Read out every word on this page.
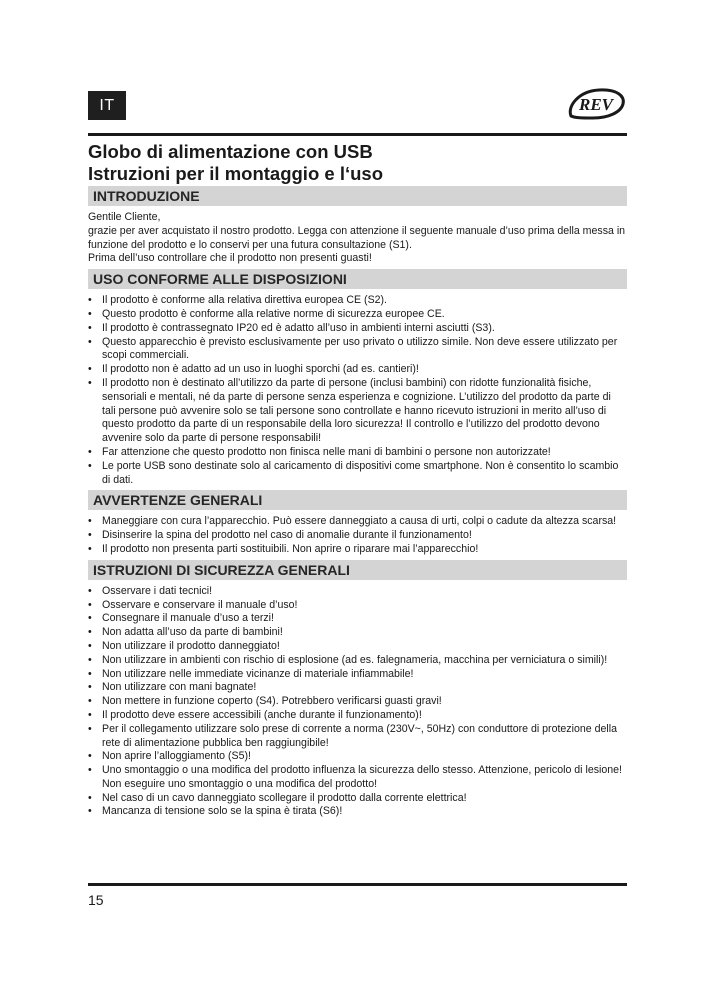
IT	REV
Globo di alimentazione con USB
Istruzioni per il montaggio e l‘uso
INTRODUZIONE

Gentile Cliente,

grazie per aver acquistato il nostro prodotto. Legga con attenzione il seguente manuale d’uso prima della messa in funzione del prodotto e lo conservi per una futura consultazione (S1).

Prima dell’uso controllare che il prodotto non presenti guasti!

USO CONFORME ALLE DISPOSIZIONI
• Il prodotto è conforme alla relativa direttiva europea CE (S2).
• Questo prodotto è conforme alla relative norme di sicurezza europee CE.
• Il prodotto è contrassegnato IP20 ed è adatto all’uso in ambienti interni asciutti (S3).
• Questo apparecchio è previsto esclusivamente per uso privato o utilizzo simile. Non deve essere utilizzato per scopi commerciali.
• Il prodotto non è adatto ad un uso in luoghi sporchi (ad es. cantieri)!
• Il prodotto non è destinato all’utilizzo da parte di persone (inclusi bambini) con ridotte funzionalità fisiche, sensoriali e mentali, né da parte di persone senza esperienza e cognizione. L’utilizzo del prodotto da parte di tali persone può avvenire solo se tali persone sono controllate e hanno ricevuto istruzioni in merito all’uso di questo prodotto da parte di un responsabile della loro sicurezza! Il controllo e l’utilizzo del prodotto devono avvenire solo da parte di persone responsabili!
• Far attenzione che questo prodotto non finisca nelle mani di bambini o persone non autorizzate!
• Le porte USB sono destinate solo al caricamento di dispositivi come smartphone. Non è consentito lo scambio di dati.
AVVERTENZE GENERALI
• Maneggiare con cura l’apparecchio. Può essere danneggiato a causa di urti, colpi o cadute da altezza scarsa!
• Disinserire la spina del prodotto nel caso di anomalie durante il funzionamento!
• Il prodotto non presenta parti sostituibili. Non aprire o riparare mai l’apparecchio!
ISTRUZIONI DI SICUREZZA GENERALI
• Osservare i dati tecnici!
• Osservare e conservare il manuale d’uso!
• Consegnare il manuale d’uso a terzi!
• Non adatta all’uso da parte di bambini!
• Non utilizzare il prodotto danneggiato!
• Non utilizzare in ambienti con rischio di esplosione (ad es. falegnameria, macchina per verniciatura o simili)!
• Non utilizzare nelle immediate vicinanze di materiale infiammabile!
• Non utilizzare con mani bagnate!
• Non mettere in funzione coperto (S4). Potrebbero verificarsi guasti gravi!
• Il prodotto deve essere accessibili (anche durante il funzionamento)!
• Per il collegamento utilizzare solo prese di corrente a norma (230V~, 50Hz) con conduttore di protezione della rete di alimentazione pubblica ben raggiungibile!
• Non aprire l’alloggiamento (S5)!
• Uno smontaggio o una modifica del prodotto influenza la sicurezza dello stesso. Attenzione, pericolo di lesione! Non eseguire uno smontaggio o una modifica del prodotto!
• Nel caso di un cavo danneggiato scollegare il prodotto dalla corrente elettrica!
• Mancanza di tensione solo se la spina è tirata (S6)!
15
